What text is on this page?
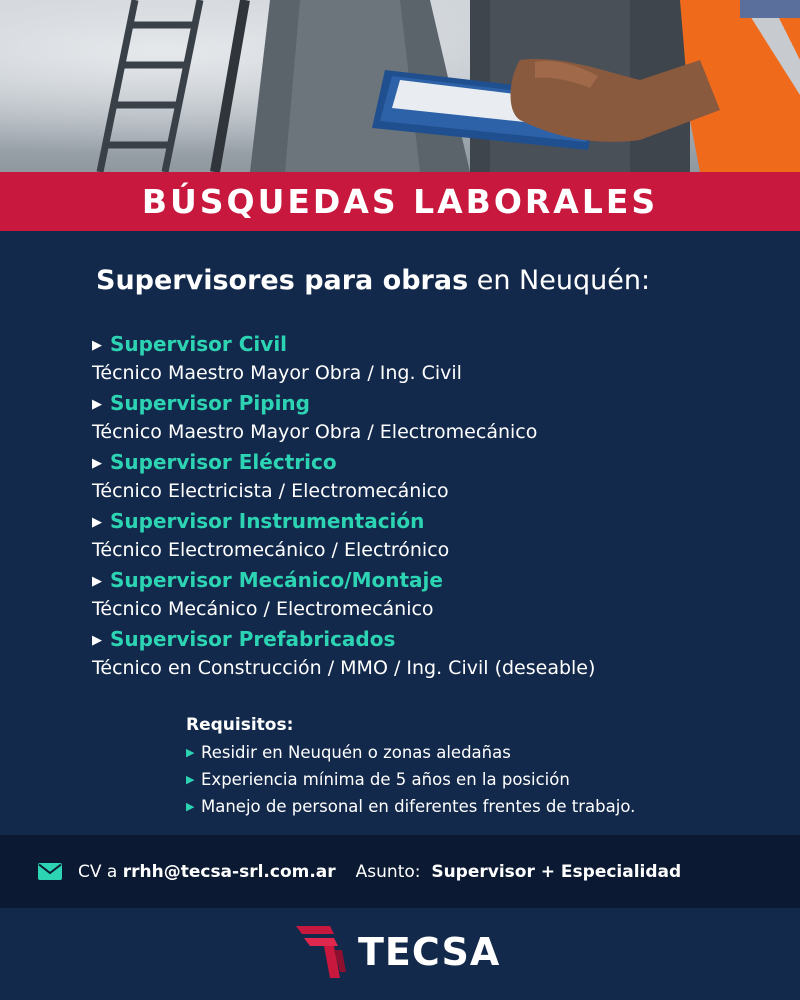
BÚSQUEDAS LABORALES
Supervisores para obras en Neuquén:
▶ Supervisor Civil
Técnico Maestro Mayor Obra / Ing. Civil
▶ Supervisor Piping
Técnico Maestro Mayor Obra / Electromecánico
▶ Supervisor Eléctrico
Técnico Electricista / Electromecánico
▶ Supervisor Instrumentación
Técnico Electromecánico / Electrónico
▶ Supervisor Mecánico/Montaje
Técnico Mecánico / Electromecánico
▶ Supervisor Prefabricados
Técnico en Construcción / MMO / Ing. Civil (deseable)
Requisitos:
▶ Residir en Neuquén o zonas aledañas
▶ Experiencia mínima de 5 años en la posición
▶ Manejo de personal en diferentes frentes de trabajo.
CV a
rrhh@tecsa-srl.com.ar Asunto:
Supervisor + Especialidad
TECSA
